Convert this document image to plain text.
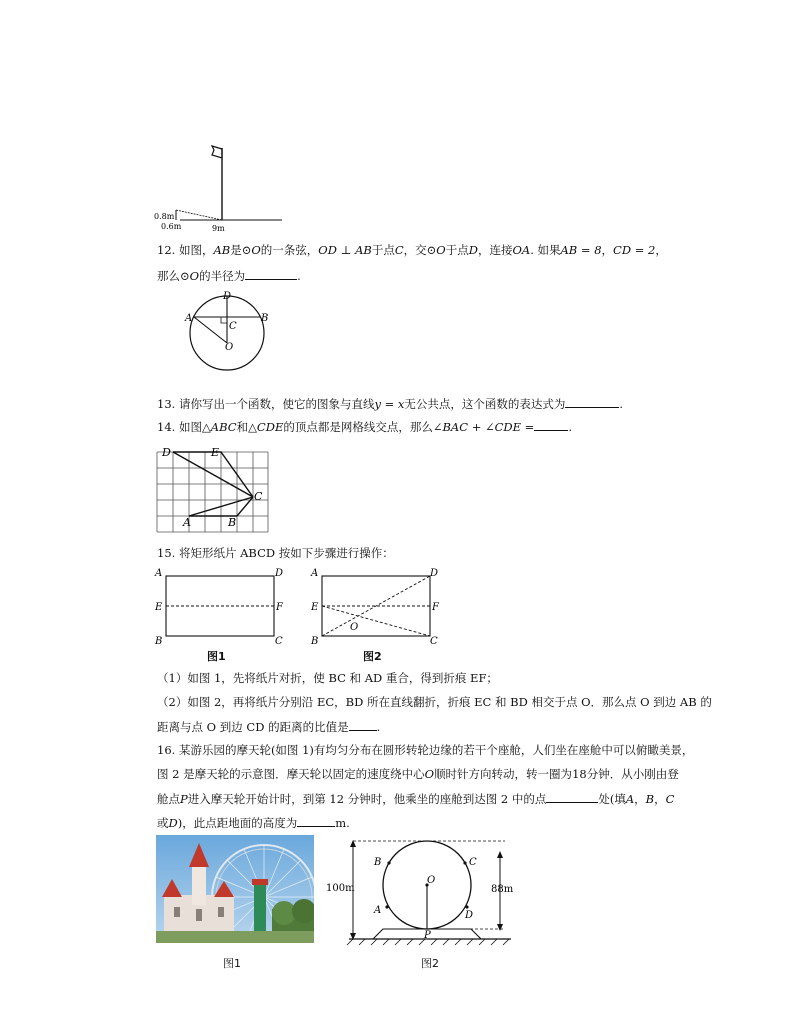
0.8m
0.6m	9m
12. 如图，AB是⊙O的一条弦，OD ⊥ AB于点C，交⊙O于点D，连接OA. 如果AB = 8，CD = 2，
那么⊙O的半径为	.
A	B
C
D
O
13. 请你写出一个函数，使它的图象与直线y = x无公共点，这个函数的表达式为	.
14. 如图△ABC和△CDE的顶点都是网格线交点，那么∠BAC + ∠CDE =	.
D	E
C
A	B
15. 将矩形纸片 ABCD 按如下步骤进行操作：
A	D
E	F
B	C
图1
A	D
E	F
O
B	C
图2
（1）如图 1，先将纸片对折，使 BC 和 AD 重合，得到折痕 EF；
（2）如图 2，再将纸片分别沿 EC，BD 所在直线翻折，折痕 EC 和 BD 相交于点 O．那么点 O 到边 AB 的
距离与点 O 到边 CD 的距离的比值是 .
16. 某游乐园的摩天轮(如图 1)有均匀分布在圆形转轮边缘的若干个座舱，人们坐在座舱中可以俯瞰美景，
图 2 是摩天轮的示意图．摩天轮以固定的速度绕中心O顺时针方向转动，转一圈为18分钟．从小刚由登
舱点P进入摩天轮开始计时，到第 12 分钟时，他乘坐的座舱到达图 2 中的点	处(填A，B，C
或D)，此点距地面的高度为	m.
图1
100m	88m
B	C
O
A	D
P
图2
